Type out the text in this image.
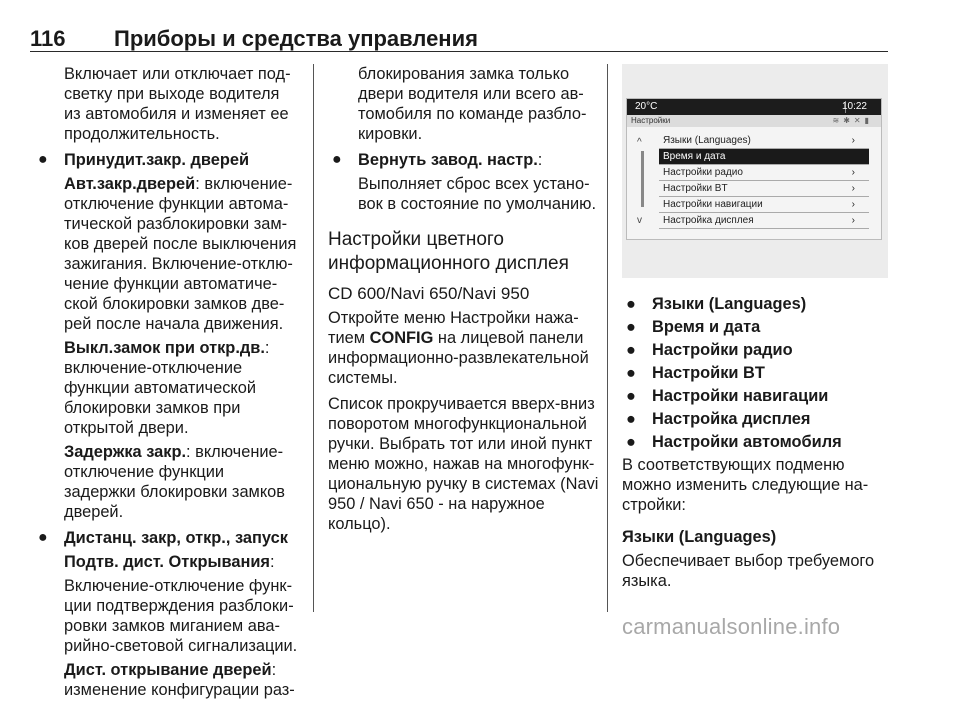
116 Приборы и средства управления
Включает или отключает подсветку при выходе водителя из автомобиля и изменяет ее продолжительность.
● Принудит.закр. дверей
Авт.закр.дверей: включение-отключение функции автоматической разблокировки замков дверей после выключения зажигания. Включение-отключение функции автоматической блокировки замков дверей после начала движения.
Выкл.замок при откр.дв.: включение-отключение функции автоматической блокировки замков при открытой двери.
Задержка закр.: включение-отключение функции задержки блокировки замков дверей.
● Дистанц. закр, откр., запуск
Подтв. дист. Открывания:
Включение-отключение функции подтверждения разблокировки замков миганием аварийно-световой сигнализации.
Дист. открывание дверей: изменение конфигурации раз-
блокирования замка только двери водителя или всего автомобиля по команде разблокировки.
● Вернуть завод. настр.:
Выполняет сброс всех установок в состояние по умолчанию.
Настройки цветного информационного дисплея
CD 600/Navi 650/Navi 950
Откройте меню Настройки нажатием CONFIG на лицевой панели информационно-развлекательной системы.
Список прокручивается вверх-вниз поворотом многофункциональной ручки. Выбрать тот или иной пункт меню можно, нажав на многофункциональную ручку в системах (Navi 950 / Navi 650 - на наружное кольцо).
20°C	10:22
Настройки	≋✱✕▮
^
v
Языки (Languages)	›
Время и дата
Настройки радио	›
Настройки BT	›
Настройки навигации	›
Настройка дисплея	›
● Языки (Languages)
● Время и дата
● Настройки радио
● Настройки BT
● Настройки навигации
● Настройка дисплея
● Настройки автомобиля
В соответствующих подменю можно изменить следующие настройки:
Языки (Languages)
Обеспечивает выбор требуемого языка.
carmanualsonline.info
